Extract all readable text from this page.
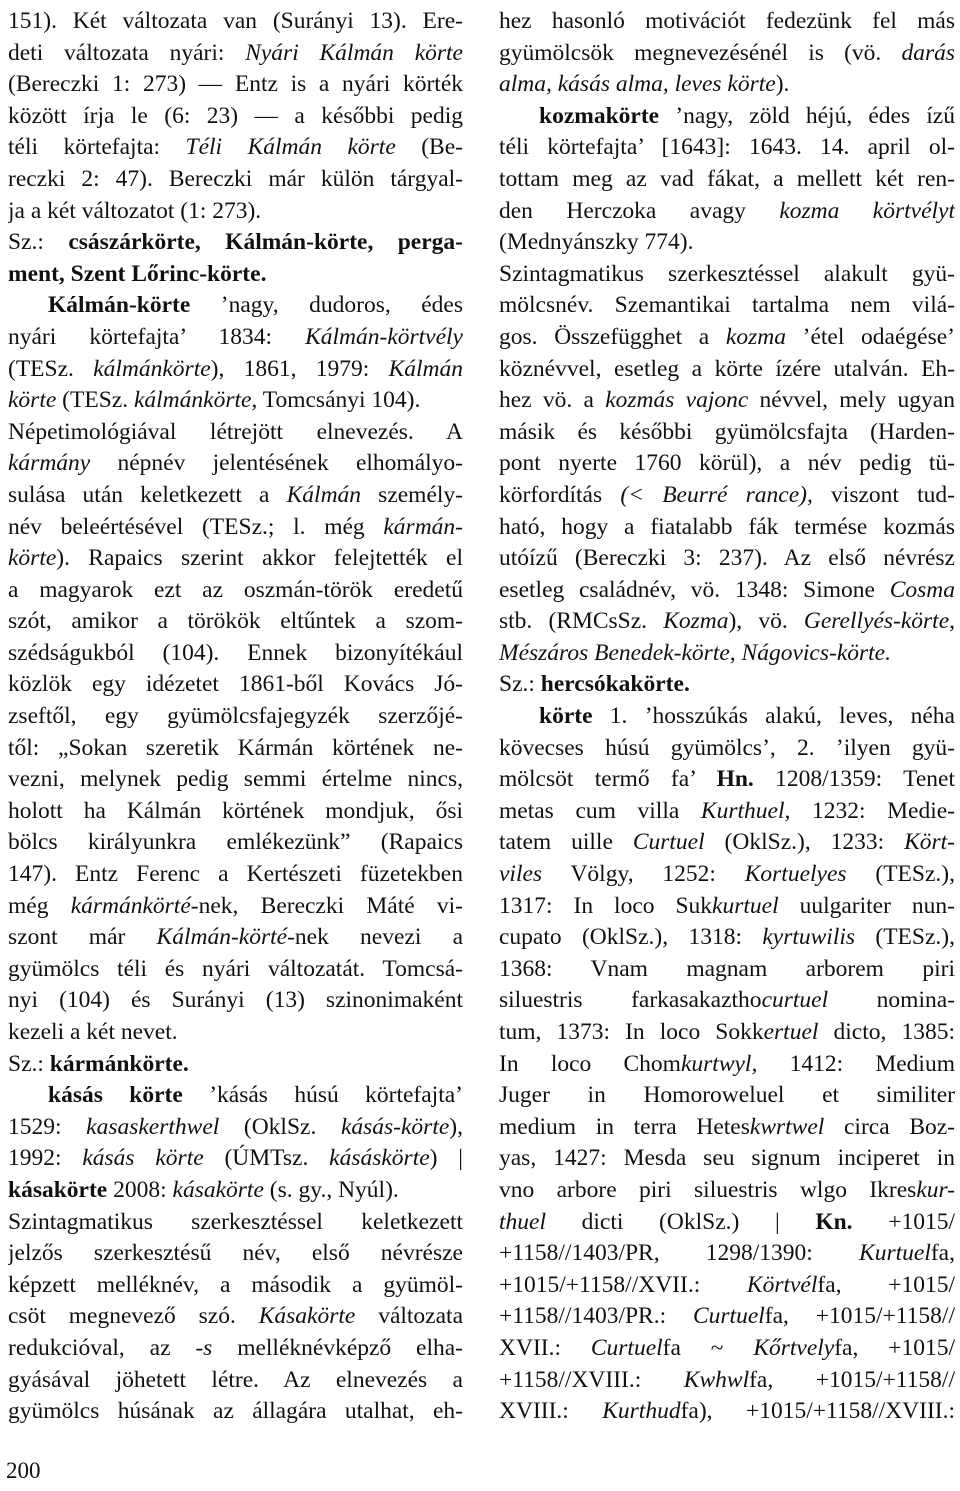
151). Két változata van (Surányi 13). Ere-
deti változata nyári: Nyári Kálmán körte
(Bereczki 1: 273) — Entz is a nyári körték
között írja le (6: 23) — a későbbi pedig
téli körtefajta: Téli Kálmán körte (Be-
reczki 2: 47). Bereczki már külön tárgyal-
ja a két változatot (1: 273).
Sz.: császárkörte, Kálmán-körte, perga-
ment, Szent Lőrinc-körte.
Kálmán-körte ’nagy, dudoros, édes
nyári körtefajta’ 1834: Kálmán-körtvély
(TESz. kálmánkörte), 1861, 1979: Kálmán
körte (TESz. kálmánkörte, Tomcsányi 104).
Népetimológiával létrejött elnevezés. A
kármány népnév jelentésének elhomályo-
sulása után keletkezett a Kálmán személy-
név beleértésével (TESz.; l. még kármán-
körte). Rapaics szerint akkor felejtették el
a magyarok ezt az oszmán-török eredetű
szót, amikor a törökök eltűntek a szom-
szédságukból (104). Ennek bizonyítékául
közlök egy idézetet 1861-ből Kovács Jó-
zseftől, egy gyümölcsfajegyzék szerzőjé-
től: „Sokan szeretik Kármán körtének ne-
vezni, melynek pedig semmi értelme nincs,
holott ha Kálmán körtének mondjuk, ősi
bölcs királyunkra emlékezünk” (Rapaics
147). Entz Ferenc a Kertészeti füzetekben
még kármánkörté-nek, Bereczki Máté vi-
szont már Kálmán-körté-nek nevezi a
gyümölcs téli és nyári változatát. Tomcsá-
nyi (104) és Surányi (13) szinonimaként
kezeli a két nevet.
Sz.: kármánkörte.
kásás körte ’kásás húsú körtefajta’
1529: kasaskerthwel (OklSz. kásás-körte),
1992: kásás körte (ÚMTsz. kásáskörte) |
kásakörte 2008: kásakörte (s. gy., Nyúl).
Szintagmatikus szerkesztéssel keletkezett
jelzős szerkesztésű név, első névrésze
képzett melléknév, a második a gyümöl-
csöt megnevező szó. Kásakörte változata
redukcióval, az -s melléknévképző elha-
gyásával jöhetett létre. Az elnevezés a
gyümölcs húsának az állagára utalhat, eh-
hez hasonló motivációt fedezünk fel más
gyümölcsök megnevezésénél is (vö. darás
alma, kásás alma, leves körte).
kozmakörte ’nagy, zöld héjú, édes ízű
téli körtefajta’ [1643]: 1643. 14. april ol-
tottam meg az vad fákat, a mellett két ren-
den Herczoka avagy kozma körtvélyt
(Mednyánszky 774).
Szintagmatikus szerkesztéssel alakult gyü-
mölcsnév. Szemantikai tartalma nem vilá-
gos. Összefügghet a kozma ’étel odaégése’
köznévvel, esetleg a körte ízére utalván. Eh-
hez vö. a kozmás vajonc névvel, mely ugyan
másik és későbbi gyümölcsfajta (Harden-
pont nyerte 1760 körül), a név pedig tü-
körfordítás (< Beurré rance), viszont tud-
ható, hogy a fiatalabb fák termése kozmás
utóízű (Bereczki 3: 237). Az első névrész
esetleg családnév, vö. 1348: Simone Cosma
stb. (RMCsSz. Kozma), vö. Gerellyés-körte,
Mészáros Benedek-körte, Nágovics-körte.
Sz.: hercsókakörte.
körte 1. ’hosszúkás alakú, leves, néha
kövecses húsú gyümölcs’, 2. ’ilyen gyü-
mölcsöt termő fa’ Hn. 1208/1359: Tenet
metas cum villa Kurthuel, 1232: Medie-
tatem uille Curtuel (OklSz.), 1233: Kört-
viles Völgy, 1252: Kortuelyes (TESz.),
1317: In loco Sukkurtuel uulgariter nun-
cupato (OklSz.), 1318: kyrtuwilis (TESz.),
1368: Vnam magnam arborem piri
siluestris farkasakazthocurtuel nomina-
tum, 1373: In loco Sokkertuel dicto, 1385:
In loco Chomkurtwyl, 1412: Medium
Juger in Homoroweluel et similiter
medium in terra Heteskwrtwel circa Boz-
yas, 1427: Mesda seu signum inciperet in
vno arbore piri siluestris wlgo Ikreskur-
thuel dicti (OklSz.) | Kn. +1015/
+1158//1403/PR, 1298/1390: Kurtuelfa,
+1015/+1158//XVII.: Körtvélfa, +1015/
+1158//1403/PR.: Curtuelfa, +1015/+1158//
XVII.: Curtuelfa ~ Kőrtvelyfa, +1015/
+1158//XVIII.: Kwhwlfa, +1015/+1158//
XVIII.: Kurthudfa), +1015/+1158//XVIII.:
200
